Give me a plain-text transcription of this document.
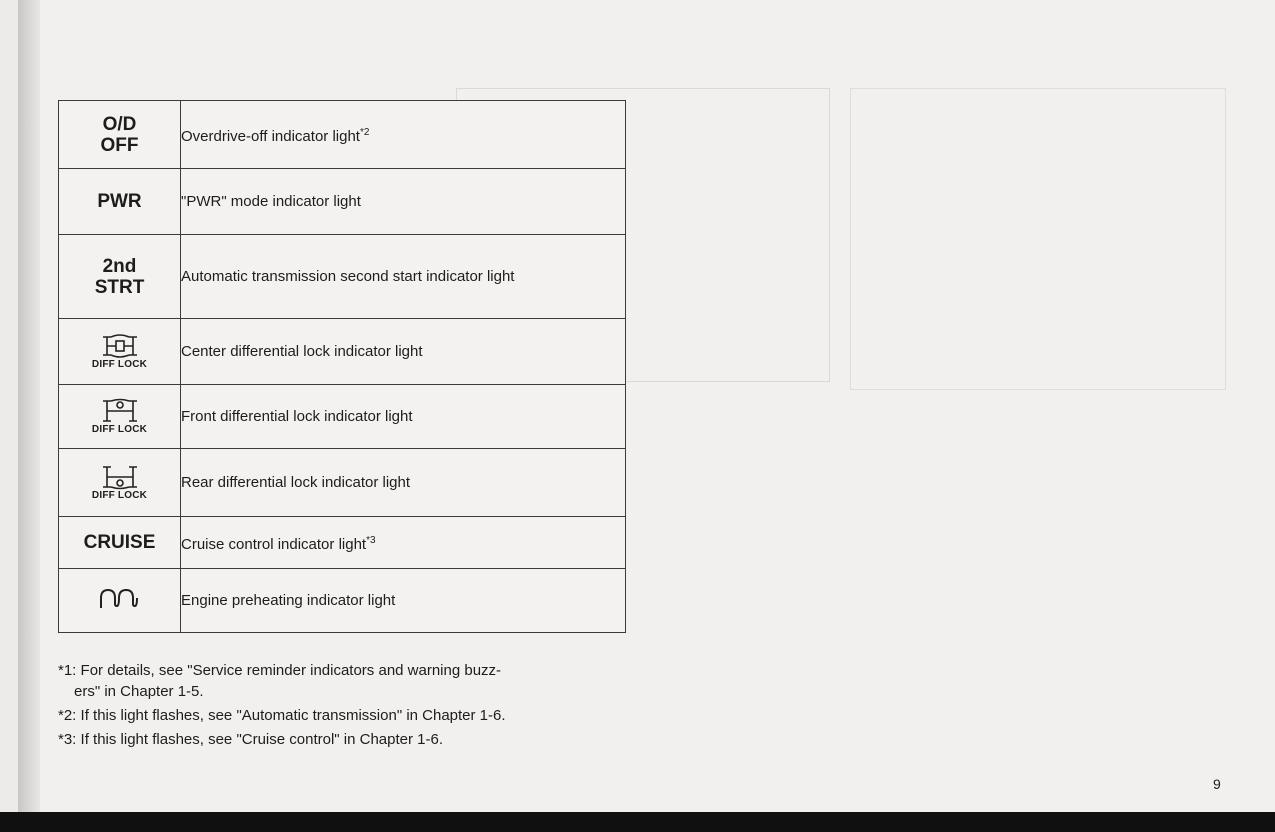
O/D
OFF	Overdrive-off indicator light$^{*2}$

PWR	"PWR" mode indicator light

2nd
STRT	Automatic transmission second start indicator light

DIFF LOCK	Center differential lock indicator light

DIFF LOCK	Front differential lock indicator light

DIFF LOCK	Rear differential lock indicator light

CRUISE	Cruise control indicator light$^{*3}$
	Engine preheating indicator light

*1: For details, see "Service reminder indicators and warning buzz-
ers" in Chapter 1-5.

*2: If this light flashes, see "Automatic transmission" in Chapter 1-6.

*3: If this light flashes, see "Cruise control" in Chapter 1-6.

9
